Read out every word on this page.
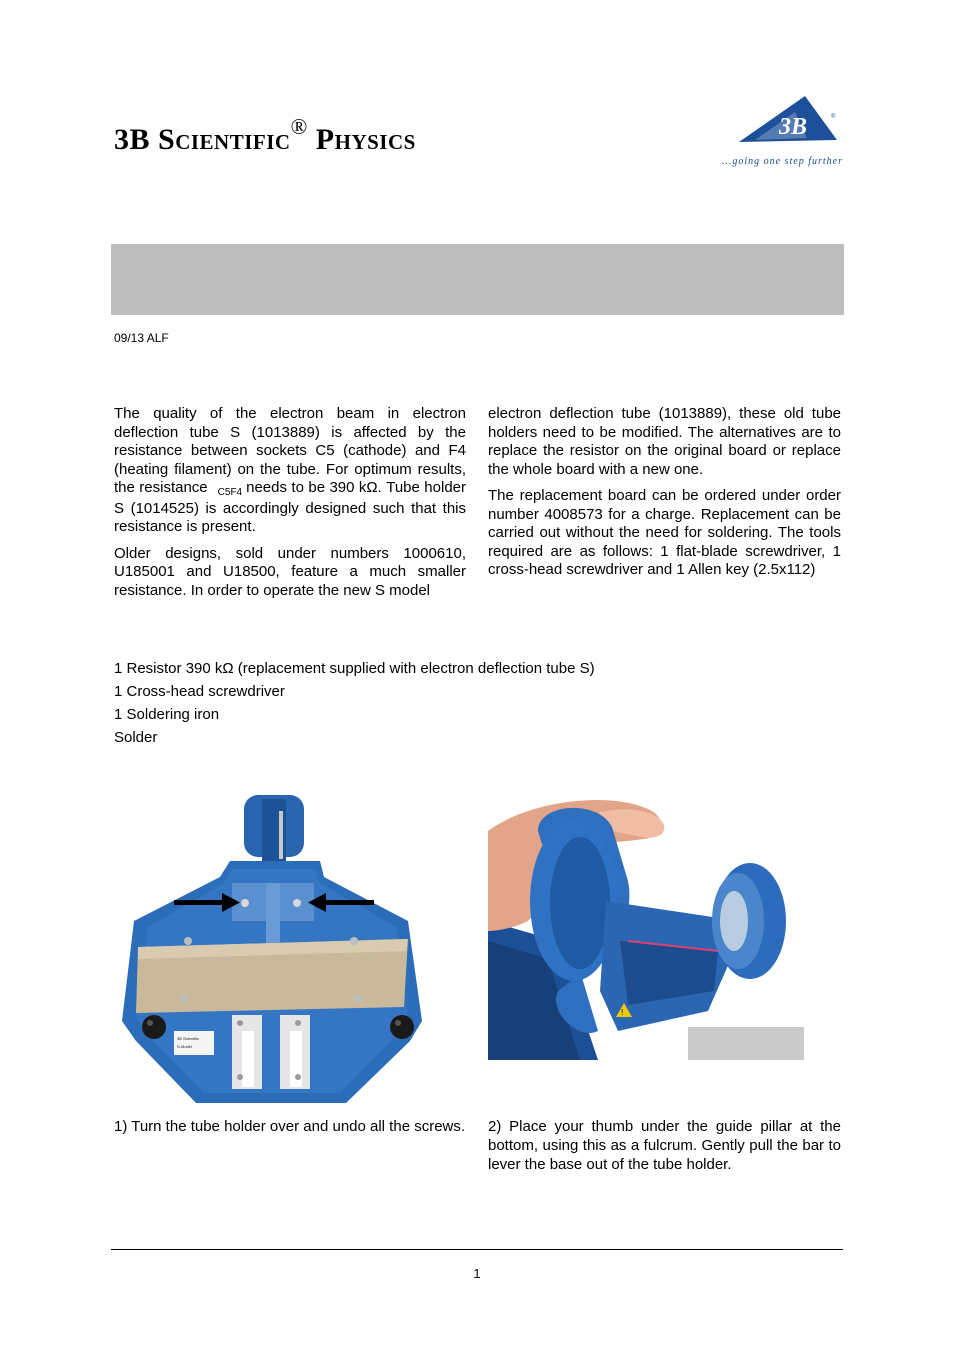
3B Scientific® Physics	3B	®
...going one step further
09/13 ALF

The quality of the electron beam in electron deflection tube S (1013889) is affected by the resistance between sockets C5 (cathode) and F4 (heating filament) on the tube. For optimum results, the resistance $_{C5F4}$ needs to be 390 kΩ. Tube holder S (1014525) is accordingly designed such that this resistance is present.

Older designs, sold under numbers 1000610, U185001 and U18500, feature a much smaller resistance. In order to operate the new S model

electron deflection tube (1013889), these old tube holders need to be modified. The alternatives are to replace the resistor on the original board or replace the whole board with a new one.

The replacement board can be ordered under order number 4008573 for a charge. Replacement can be carried out without the need for soldering. The tools required are as follows: 1 flat-blade screwdriver, 1 cross-head screwdriver and 1 Allen key (2.5x112)

1 Resistor 390 kΩ (replacement supplied with electron deflection tube S)
1 Cross-head screwdriver
1 Soldering iron
Solder
3B Scientific
S-Model
!
1) Turn the tube holder over and undo all the screws. 2) Place your thumb under the guide pillar at the bottom, using this as a fulcrum. Gently pull the bar to lever the base out of the tube holder.
1
